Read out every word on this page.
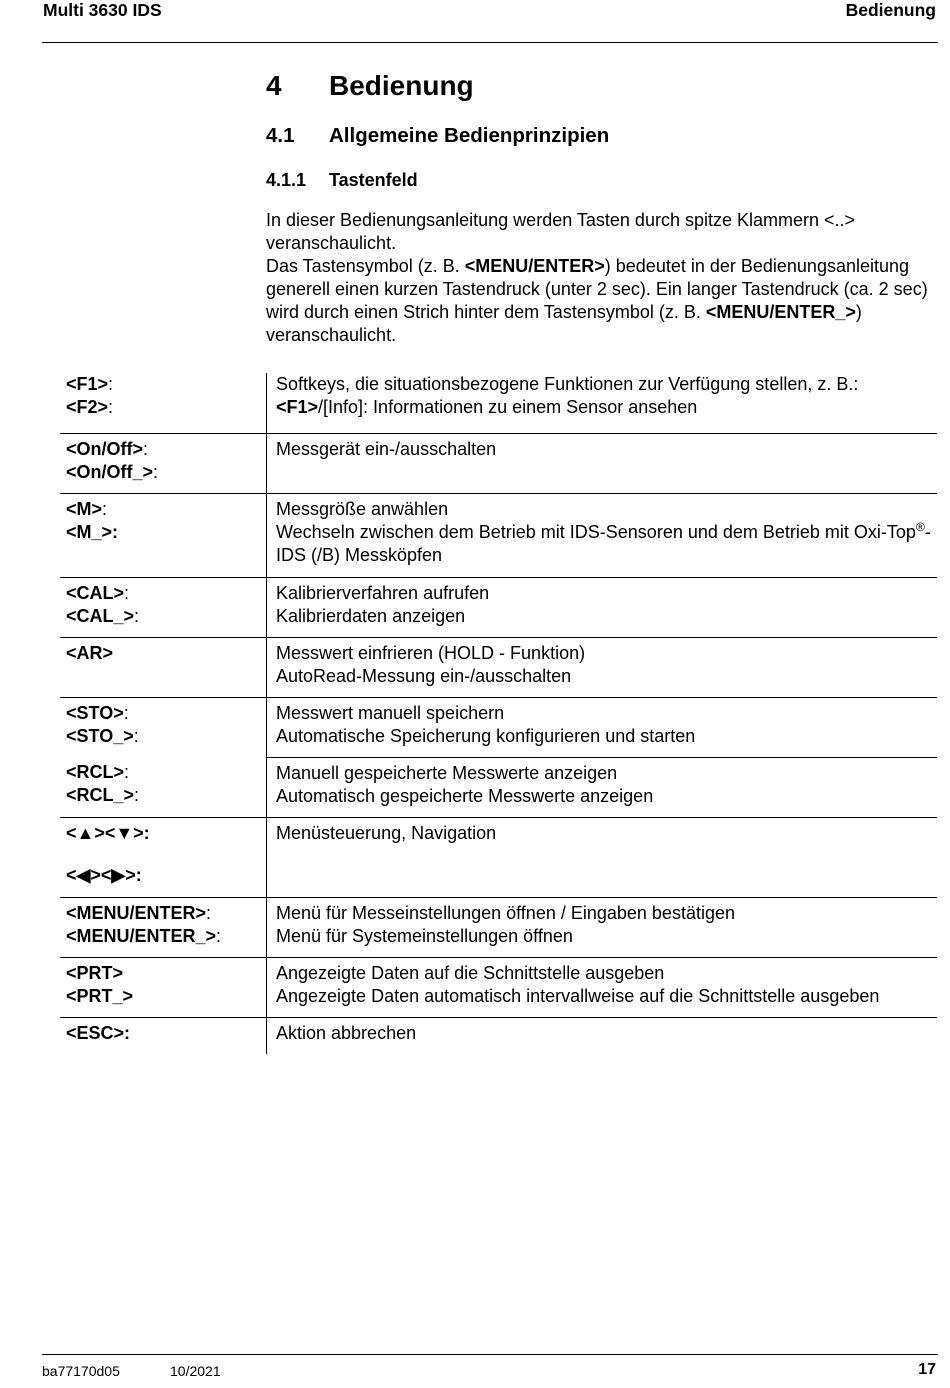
Multi 3630 IDS	Bedienung
4 Bedienung
4.1 Allgemeine Bedienprinzipien
4.1.1 Tastenfeld

In dieser Bedienungsanleitung werden Tasten durch spitze Klammern <..> veranschaulicht.

Das Tastensymbol (z. B. <MENU/ENTER>) bedeutet in der Bedienungsanleitung generell einen kurzen Tastendruck (unter 2 sec). Ein langer Tastendruck (ca. 2 sec) wird durch einen Strich hinter dem Tastensymbol (z. B. <MENU/ENTER_>) veranschaulicht.

<F1>:
<F2>:	Softkeys, die situationsbezogene Funktionen zur Verfügung stellen, z. B.:
<F1>/[Info]: Informationen zu einem Sensor ansehen

<On/Off>:
<On/Off_>:	Messgerät ein-/ausschalten

<M>:
<M_>:	Messgröße anwählen
Wechseln zwischen dem Betrieb mit IDS-Sensoren und dem Betrieb mit Oxi-Top®-IDS (/B) Messköpfen

<CAL>:
<CAL_>:	Kalibrierverfahren aufrufen
Kalibrierdaten anzeigen

<AR>	Messwert einfrieren (HOLD - Funktion)
AutoRead-Messung ein-/ausschalten

<STO>:
<STO_>:	Messwert manuell speichern
Automatische Speicherung konfigurieren und starten

<RCL>:
<RCL_>:	Manuell gespeicherte Messwerte anzeigen
Automatisch gespeicherte Messwerte anzeigen

<▲><▼>:
<◀><▶>:	Menüsteuerung, Navigation

<MENU/ENTER>:
<MENU/ENTER_>:	Menü für Messeinstellungen öffnen / Eingaben bestätigen
Menü für Systemeinstellungen öffnen

<PRT>
<PRT_>	Angezeigte Daten auf die Schnittstelle ausgeben
Angezeigte Daten automatisch intervallweise auf die Schnittstelle ausgeben

<ESC>:	Aktion abbrechen
ba77170d05	10/2021	17
